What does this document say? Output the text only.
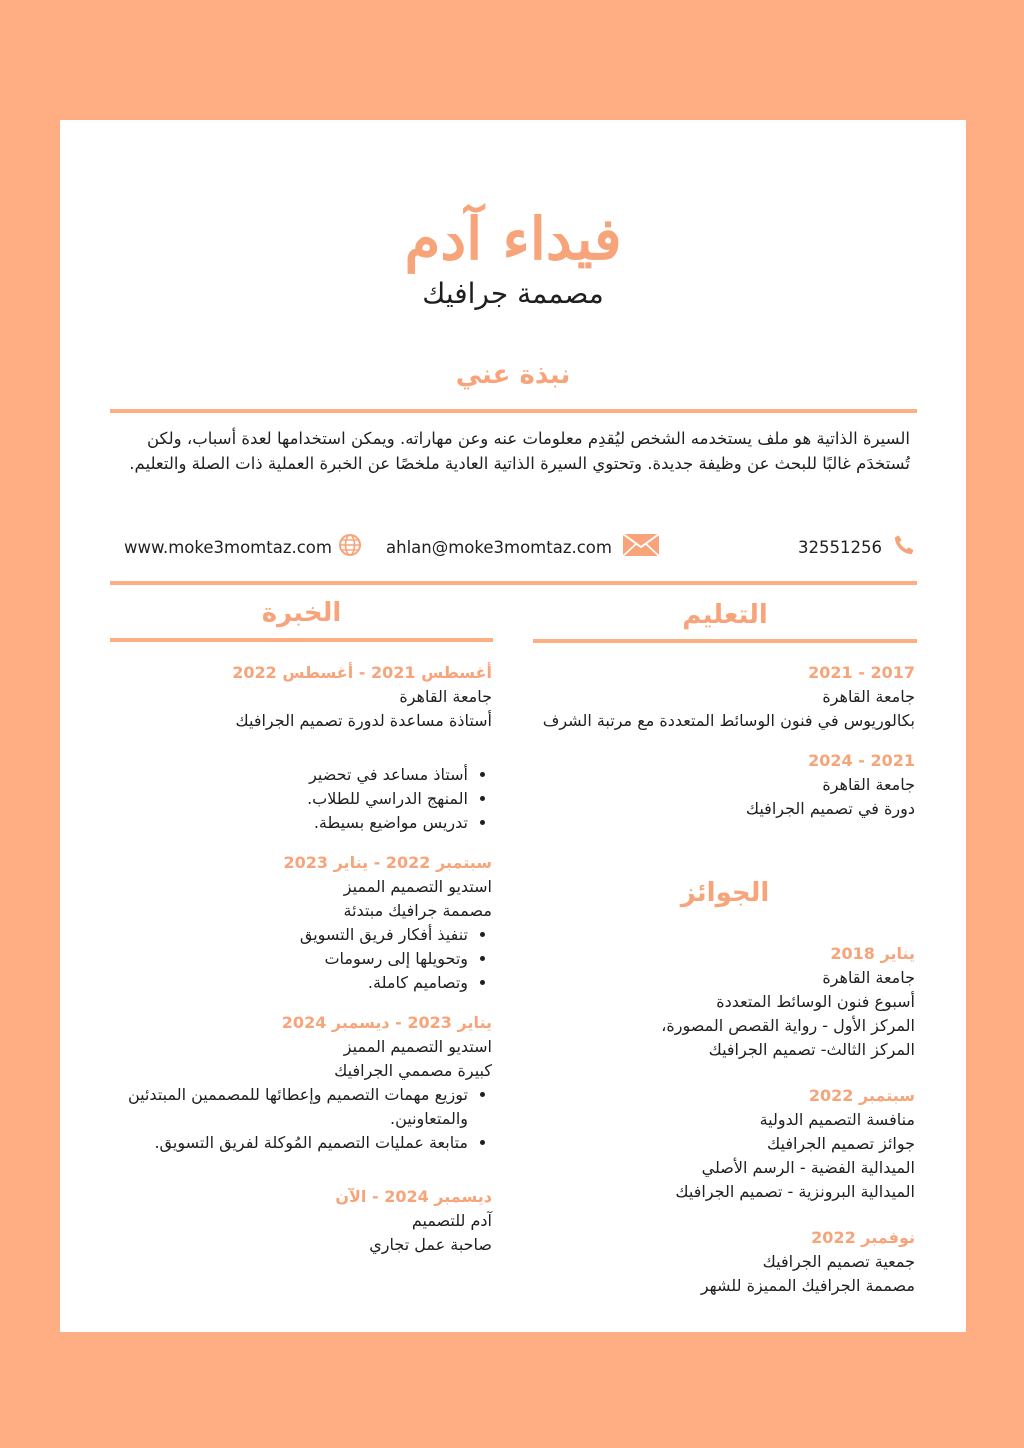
فيداء آدم
مصممة جرافيك
نبذة عني
السيرة الذاتية هو ملف يستخدمه الشخص ليُقدِم معلومات عنه وعن مهاراته. ويمكن استخدامها لعدة أسباب، ولكن تُستخدَم غالبًا للبحث عن وظيفة جديدة. وتحتوي السيرة الذاتية العادية ملخصًا عن الخبرة العملية ذات الصلة والتعليم.
www.moke3momtaz.com	ahlan@moke3momtaz.com	32551256
الخبرة
أغسطس 2021 - أغسطس 2022
جامعة القاهرة
أستاذة مساعدة لدورة تصميم الجرافيك
• أستاذ مساعد في تحضير
• المنهج الدراسي للطلاب.
• تدريس مواضيع بسيطة.
سبتمبر 2022 - يناير 2023
استديو التصميم المميز
مصممة جرافيك مبتدئة
• تنفيذ أفكار فريق التسويق
• وتحويلها إلى رسومات
• وتصاميم كاملة.
يناير 2023 - ديسمبر 2024
استديو التصميم المميز
كبيرة مصممي الجرافيك
• توزيع مهمات التصميم وإعطائها للمصممين المبتدئين والمتعاونين.
• متابعة عمليات التصميم المُوكلة لفريق التسويق.
ديسمبر 2024 - الآن
آدم للتصميم
صاحبة عمل تجاري
التعليم
2017 - 2021
جامعة القاهرة
بكالوريوس في فنون الوسائط المتعددة مع مرتبة الشرف
2021 - 2024
جامعة القاهرة
دورة في تصميم الجرافيك
الجوائز
يناير 2018
جامعة القاهرة
أسبوع فنون الوسائط المتعددة
المركز الأول - رواية القصص المصورة،
المركز الثالث- تصميم الجرافيك
سبتمبر 2022
منافسة التصميم الدولية
جوائز تصميم الجرافيك
الميدالية الفضية - الرسم الأصلي
الميدالية البرونزية - تصميم الجرافيك
نوفمبر 2022
جمعية تصميم الجرافيك
مصممة الجرافيك المميزة للشهر
